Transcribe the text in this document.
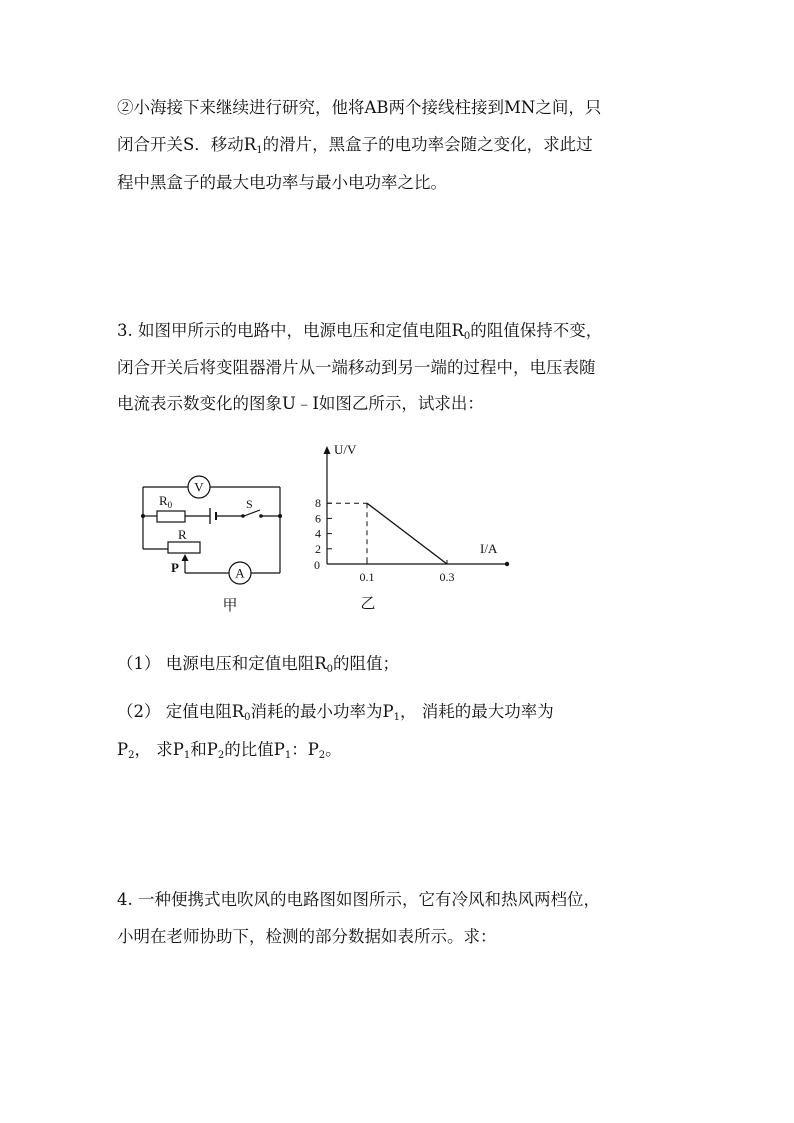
②小海接下来继续进行研究，他将AB两个接线柱接到MN之间，只
闭合开关S．移动$R_1$的滑片，黑盒子的电功率会随之变化，求此过
程中黑盒子的最大电功率与最小电功率之比。
3. 如图甲所示的电路中，电源电压和定值电阻$R_0$的阻值保持不变，
闭合开关后将变阻器滑片从一端移动到另一端的过程中，电压表随
电流表示数变化的图象U﹣I如图乙所示，试求出：
V
A
$R_0$	S
R
P
甲
2
4
6
8
0.1	0.3
U/V
I/A
0
乙
（1） 电源电压和定值电阻$R_0$的阻值；
（2） 定值电阻$R_0$消耗的最小功率为$P_1$， 消耗的最大功率为
$P_2$， 求$P_1$和$P_2$的比值$P_1$：$P_2$。
4. 一种便携式电吹风的电路图如图所示，它有冷风和热风两档位，
小明在老师协助下，检测的部分数据如表所示。求：
